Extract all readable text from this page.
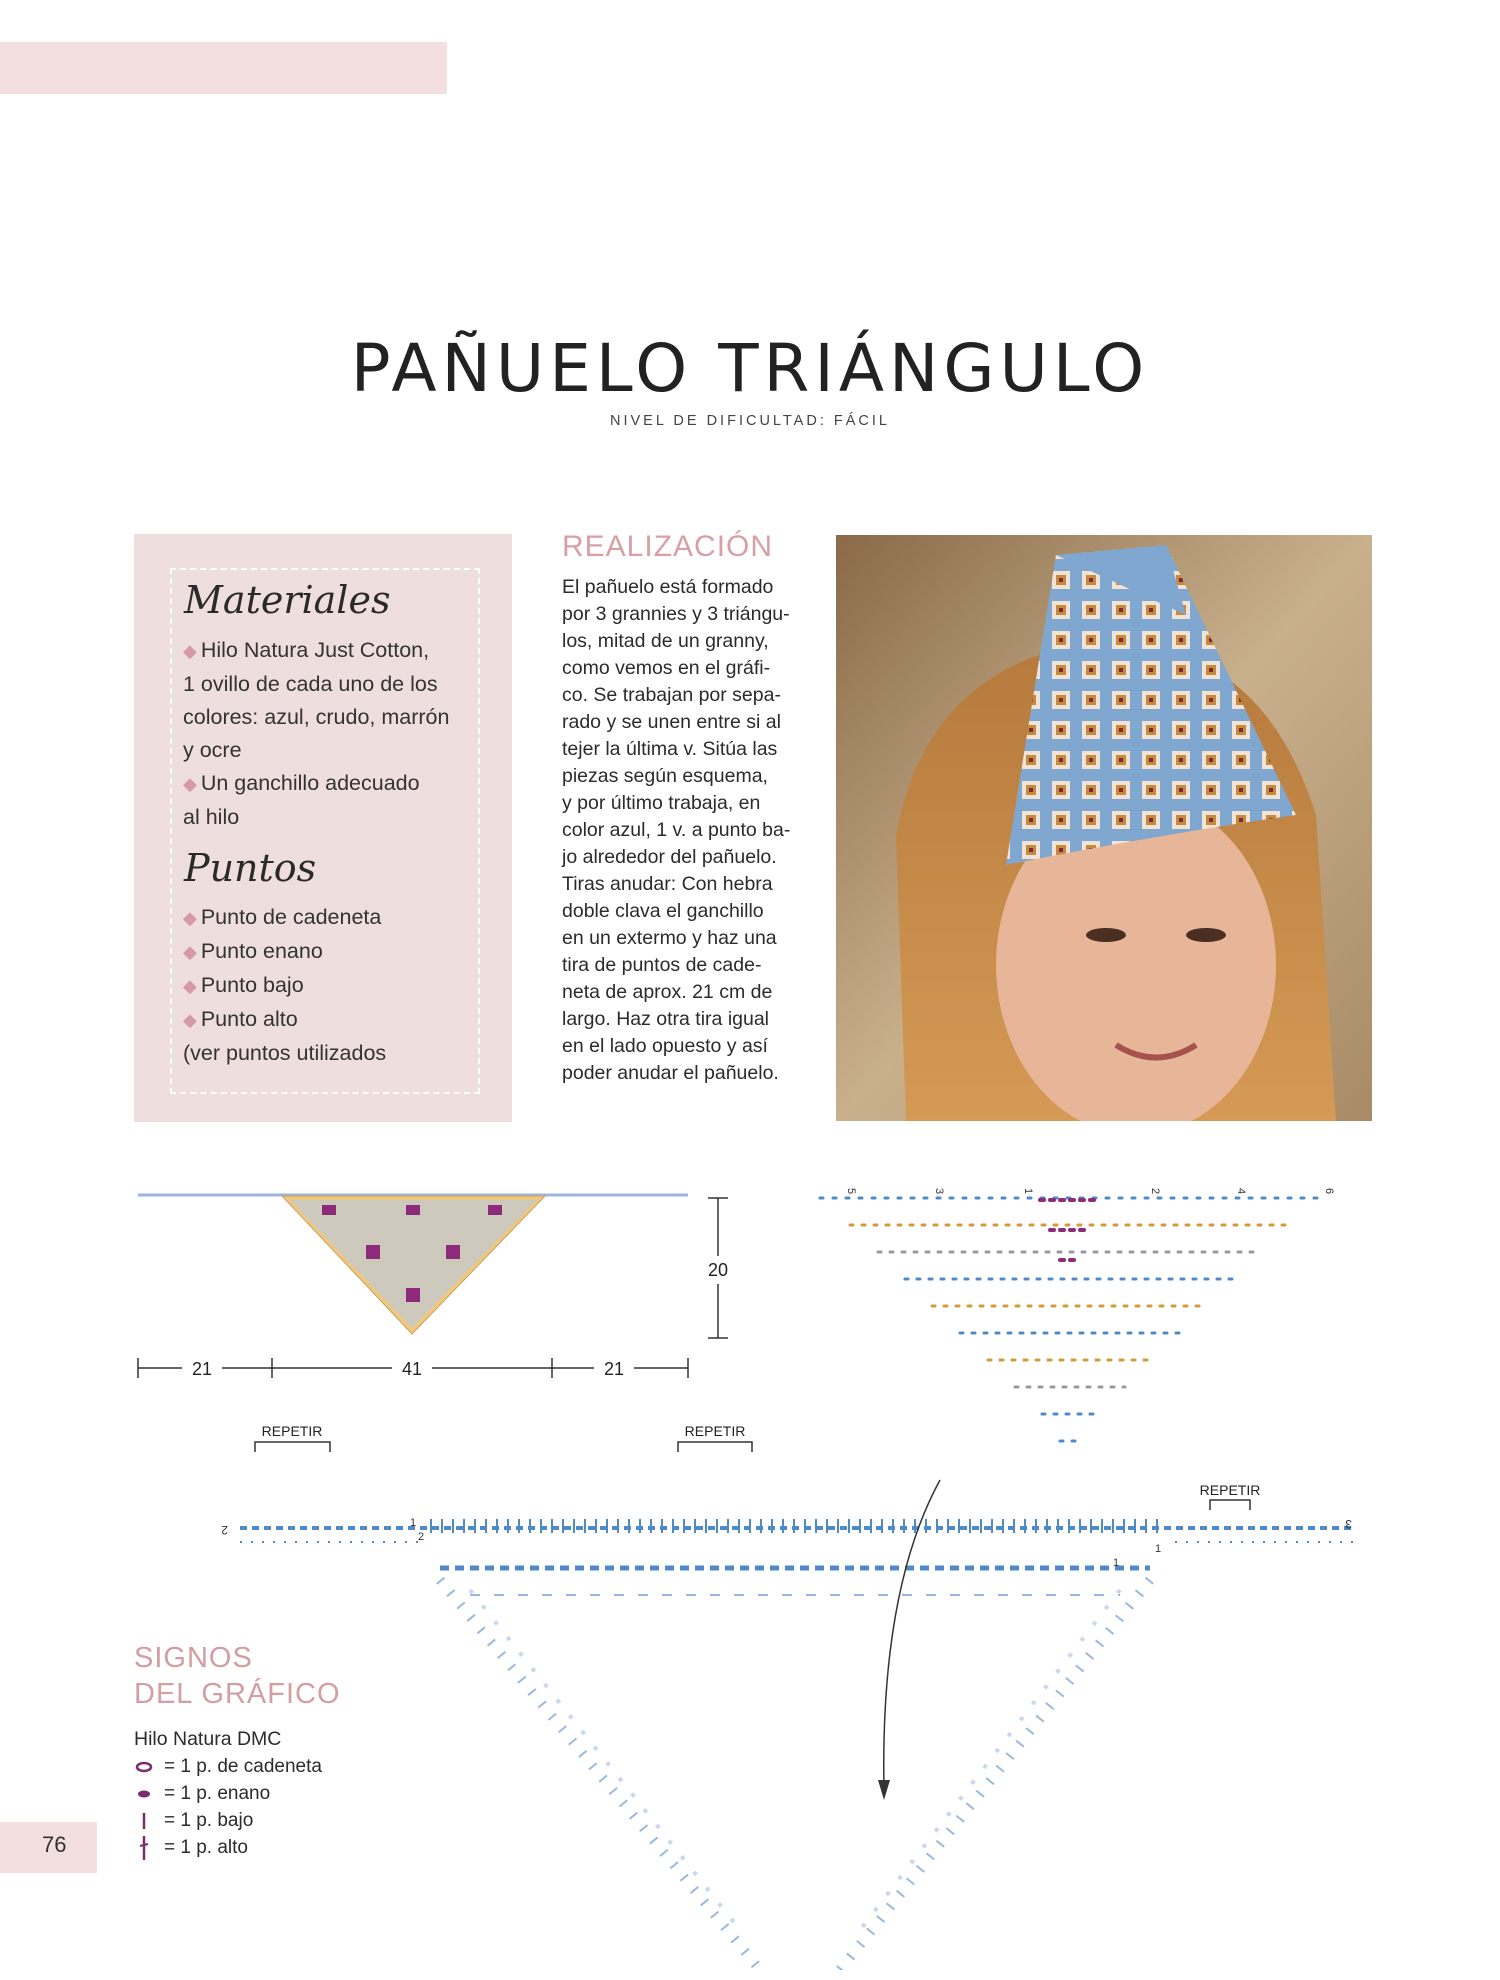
PAÑUELO TRIÁNGULO
NIVEL DE DIFICULTAD: FÁCIL
Materiales

◆ Hilo Natura Just Cotton,

1 ovillo de cada uno de los

colores: azul, crudo, marrón

y ocre

◆ Un ganchillo adecuado

al hilo

Puntos

◆ Punto de cadeneta

◆ Punto enano

◆ Punto bajo

◆ Punto alto

(ver puntos utilizados

REALIZACIÓN

El pañuelo está formado

por 3 grannies y 3 triángu-

los, mitad de un granny,

como vemos en el gráfi-

co. Se trabajan por sepa-

rado y se unen entre si al

tejer la última v. Sitúa las

piezas según esquema,

y por último trabaja, en

color azul, 1 v. a punto ba-

jo alrededor del pañuelo.

Tiras anudar: Con hebra

doble clava el ganchillo

en un extermo y haz una

tira de puntos de cade-

neta de aprox. 21 cm de

largo. Haz otra tira igual

en el lado opuesto y así

poder anudar el pañuelo.

21	41	21
20
5	3	1	2	4	6
REPETIR	REPETIR
REPETIR
2	1
2
1
1
3
SIGNOS
DEL GRÁFICO
Hilo Natura DMC
= 1 p. de cadeneta
= 1 p. enano
= 1 p. bajo
= 1 p. alto
76
